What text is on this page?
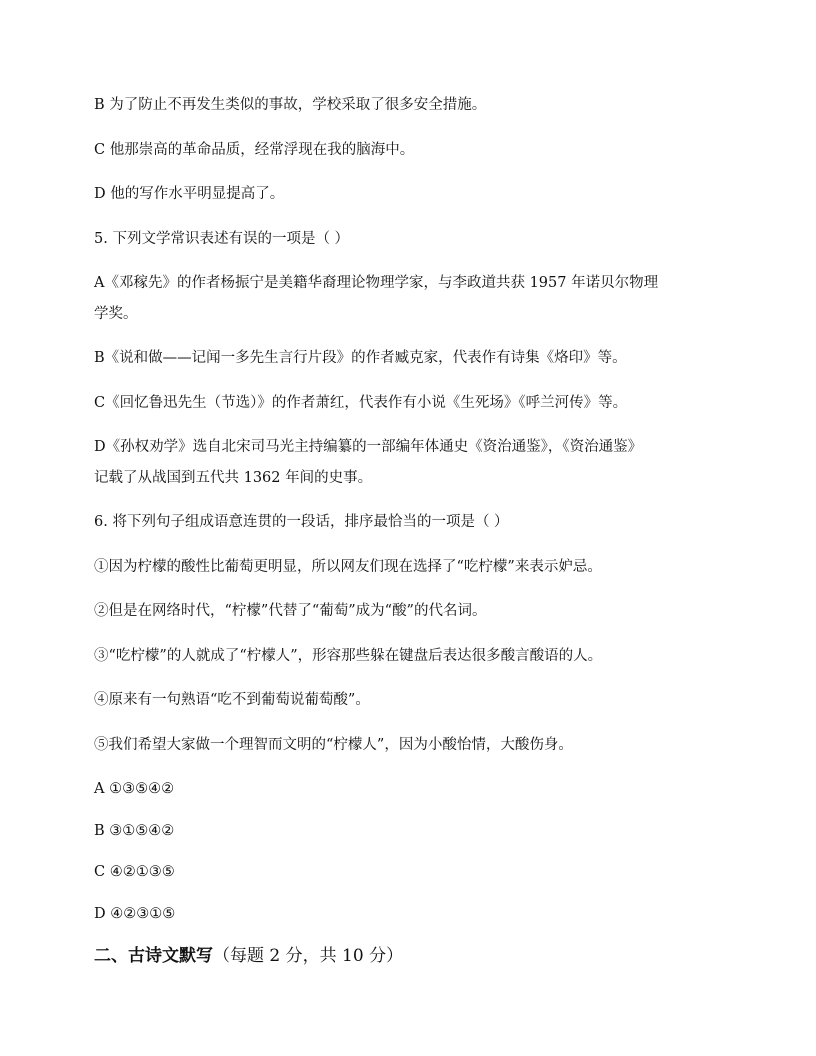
B 为了防止不再发生类似的事故，学校采取了很多安全措施。
C 他那崇高的革命品质，经常浮现在我的脑海中。
D 他的写作水平明显提高了。
5. 下列文学常识表述有误的一项是（ ）
A《邓稼先》的作者杨振宁是美籍华裔理论物理学家，与李政道共获 1957 年诺贝尔物理
学奖。
B《说和做——记闻一多先生言行片段》的作者臧克家，代表作有诗集《烙印》等。
C《回忆鲁迅先生（节选）》的作者萧红，代表作有小说《生死场》《呼兰河传》等。
D《孙权劝学》选自北宋司马光主持编纂的一部编年体通史《资治通鉴》，《资治通鉴》
记载了从战国到五代共 1362 年间的史事。
6. 将下列句子组成语意连贯的一段话，排序最恰当的一项是（ ）
①因为柠檬的酸性比葡萄更明显，所以网友们现在选择了“吃柠檬”来表示妒忌。
②但是在网络时代，“柠檬”代替了“葡萄”成为“酸”的代名词。
③“吃柠檬”的人就成了“柠檬人”，形容那些躲在键盘后表达很多酸言酸语的人。
④原来有一句熟语“吃不到葡萄说葡萄酸”。
⑤我们希望大家做一个理智而文明的“柠檬人”，因为小酸怡情，大酸伤身。
A ①③⑤④②
B ③①⑤④②
C ④②①③⑤
D ④②③①⑤
二、古诗文默写（每题 2 分，共 10 分）
